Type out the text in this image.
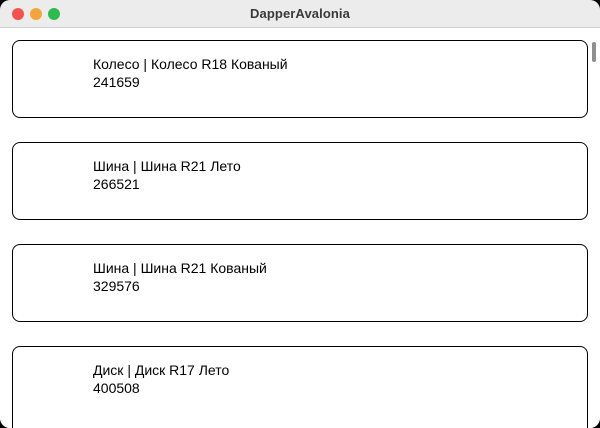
DapperAvalonia
Колесо | Колесо R18 Кованый
241659
Шина | Шина R21 Лето
266521
Шина | Шина R21 Кованый
329576
Диск | Диск R17 Лето
400508
